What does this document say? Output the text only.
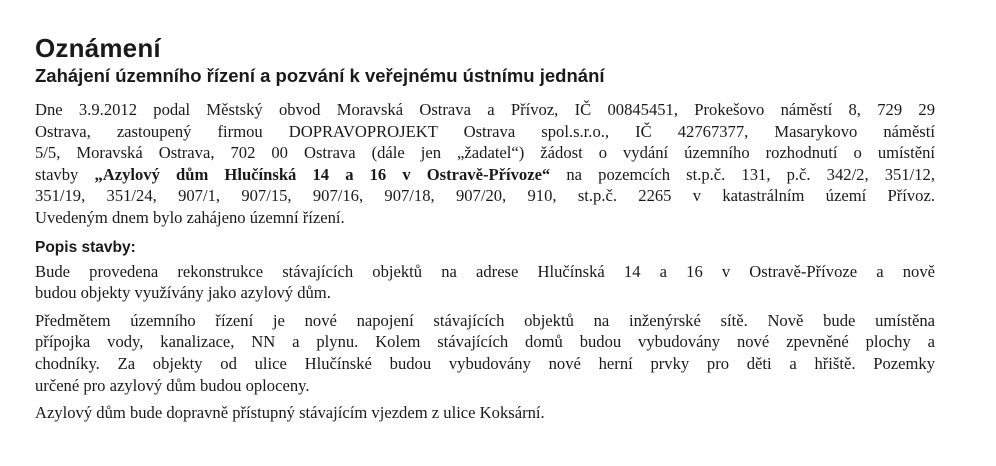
Oznámení
Zahájení územního řízení a pozvání k veřejnému ústnímu jednání

Dne 3.9.2012 podal Městský obvod Moravská Ostrava a Přívoz, IČ 00845451, Prokešovo náměstí 8, 729 29
Ostrava, zastoupený firmou DOPRAVOPROJEKT Ostrava spol.s.r.o., IČ 42767377, Masarykovo náměstí
5/5, Moravská Ostrava, 702 00 Ostrava (dále jen „žadatel“) žádost o vydání územního rozhodnutí o umístění
stavby „Azylový dům Hlučínská 14 a 16 v Ostravě-Přívoze“ na pozemcích st.p.č. 131, p.č. 342/2, 351/12,
351/19, 351/24, 907/1, 907/15, 907/16, 907/18, 907/20, 910, st.p.č. 2265 v katastrálním území Přívoz.
Uvedeným dnem bylo zahájeno územní řízení.

Popis stavby:

Bude provedena rekonstrukce stávajících objektů na adrese Hlučínská 14 a 16 v Ostravě-Přívoze a nově
budou objekty využívány jako azylový dům.

Předmětem územního řízení je nové napojení stávajících objektů na inženýrské sítě. Nově bude umístěna
přípojka vody, kanalizace, NN a plynu. Kolem stávajících domů budou vybudovány nové zpevněné plochy a
chodníky. Za objekty od ulice Hlučínské budou vybudovány nové herní prvky pro děti a hřiště. Pozemky
určené pro azylový dům budou oploceny.

Azylový dům bude dopravně přístupný stávajícím vjezdem z ulice Koksární.
